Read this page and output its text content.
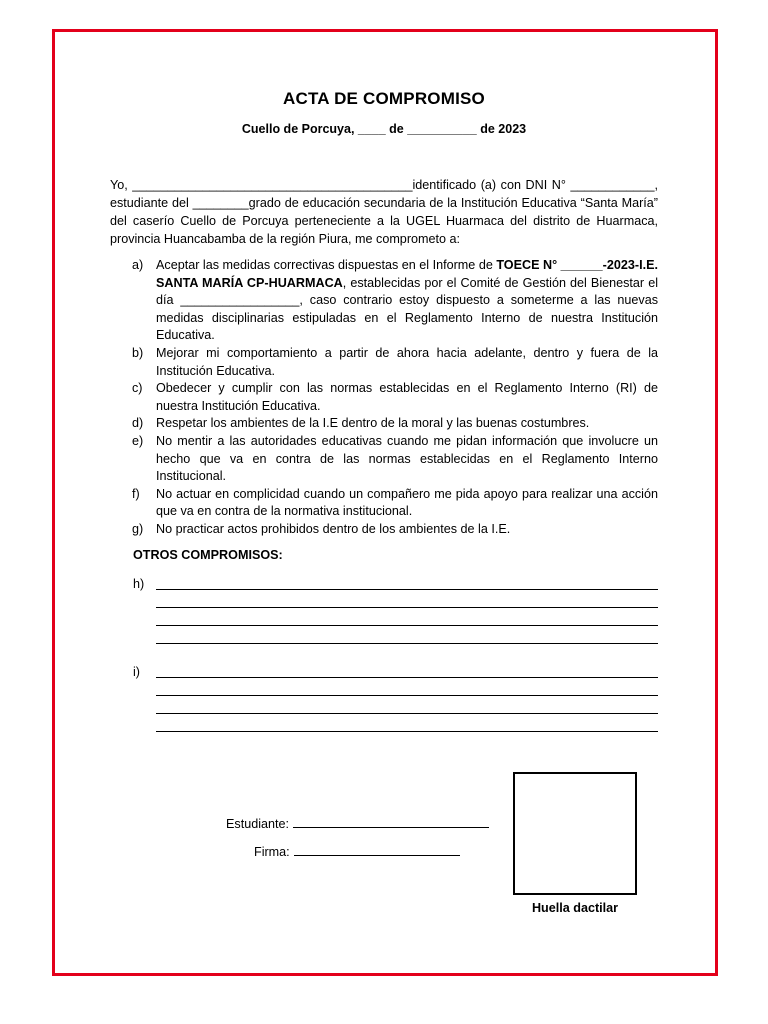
ACTA DE COMPROMISO
Cuello de Porcuya, ____ de __________ de 2023
Yo, ________________________________________identificado (a) con DNI N° ____________, estudiante del ________grado de educación secundaria de la Institución Educativa “Santa María” del caserío Cuello de Porcuya perteneciente a la UGEL Huarmaca del distrito de Huarmaca, provincia Huancabamba de la región Piura, me comprometo a:
a)	Aceptar las medidas correctivas dispuestas en el Informe de TOECE N° ______-2023-I.E. SANTA MARÍA CP-HUARMACA, establecidas por el Comité de Gestión del Bienestar el día _________________, caso contrario estoy dispuesto a someterme a las nuevas medidas disciplinarias estipuladas en el Reglamento Interno de nuestra Institución Educativa.
b)	Mejorar mi comportamiento a partir de ahora hacia adelante, dentro y fuera de la Institución Educativa.
c)	Obedecer y cumplir con las normas establecidas en el Reglamento Interno (RI) de nuestra Institución Educativa.
d)	Respetar los ambientes de la I.E dentro de la moral y las buenas costumbres.
e)	No mentir a las autoridades educativas cuando me pidan información que involucre un hecho que va en contra de las normas establecidas en el Reglamento Interno Institucional.
f)	No actuar en complicidad cuando un compañero me pida apoyo para realizar una acción que va en contra de la normativa institucional.
g)	No practicar actos prohibidos dentro de los ambientes de la I.E.
OTROS COMPROMISOS:
h)
i)
Estudiante:
Firma:
Huella dactilar
